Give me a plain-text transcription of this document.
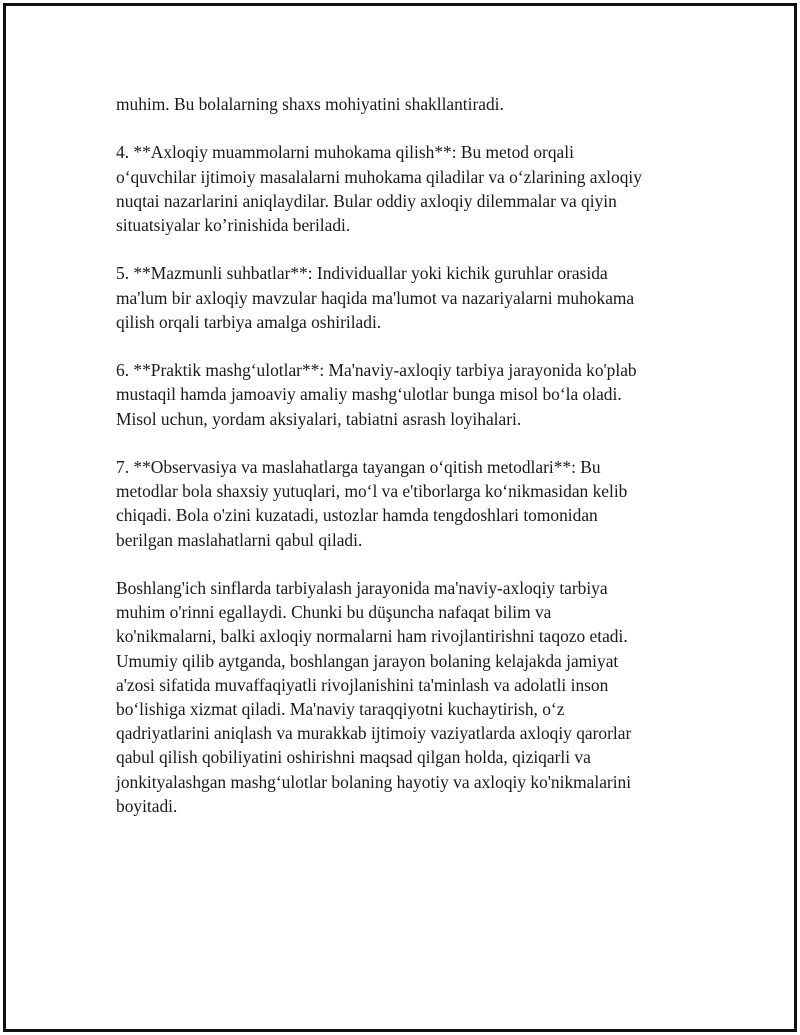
muhim. Bu bolalarning shaxs mohiyatini shakllantiradi.

4. **Axloqiy muammolarni muhokama qilish**: Bu metod orqali
o‘quvchilar ijtimoiy masalalarni muhokama qiladilar va o‘zlarining axloqiy
nuqtai nazarlarini aniqlaydilar. Bular oddiy axloqiy dilemmalar va qiyin
situatsiyalar ko’rinishida beriladi.

5. **Mazmunli suhbatlar**: Individuallar yoki kichik guruhlar orasida
ma'lum bir axloqiy mavzular haqida ma'lumot va nazariyalarni muhokama
qilish orqali tarbiya amalga oshiriladi.

6. **Praktik mashg‘ulotlar**: Ma'naviy-axloqiy tarbiya jarayonida ko'plab
mustaqil hamda jamoaviy amaliy mashg‘ulotlar bunga misol bo‘la oladi.
Misol uchun, yordam aksiyalari, tabiatni asrash loyihalari.

7. **Observasiya va maslahatlarga tayangan o‘qitish metodlari**: Bu
metodlar bola shaxsiy yutuqlari, mo‘l va e'tiborlarga ko‘nikmasidan kelib
chiqadi. Bola o'zini kuzatadi, ustozlar hamda tengdoshlari tomonidan
berilgan maslahatlarni qabul qiladi.

Boshlang'ich sinflarda tarbiyalash jarayonida ma'naviy-axloqiy tarbiya
muhim o'rinni egallaydi. Chunki bu düşuncha nafaqat bilim va
ko'nikmalarni, balki axloqiy normalarni ham rivojlantirishni taqozo etadi.
Umumiy qilib aytganda, boshlangan jarayon bolaning kelajakda jamiyat
a'zosi sifatida muvaffaqiyatli rivojlanishini ta'minlash va adolatli inson
bo‘lishiga xizmat qiladi. Ma'naviy taraqqiyotni kuchaytirish, o‘z
qadriyatlarini aniqlash va murakkab ijtimoiy vaziyatlarda axloqiy qarorlar
qabul qilish qobiliyatini oshirishni maqsad qilgan holda, qiziqarli va
jonkityalashgan mashg‘ulotlar bolaning hayotiy va axloqiy ko'nikmalarini
boyitadi.
